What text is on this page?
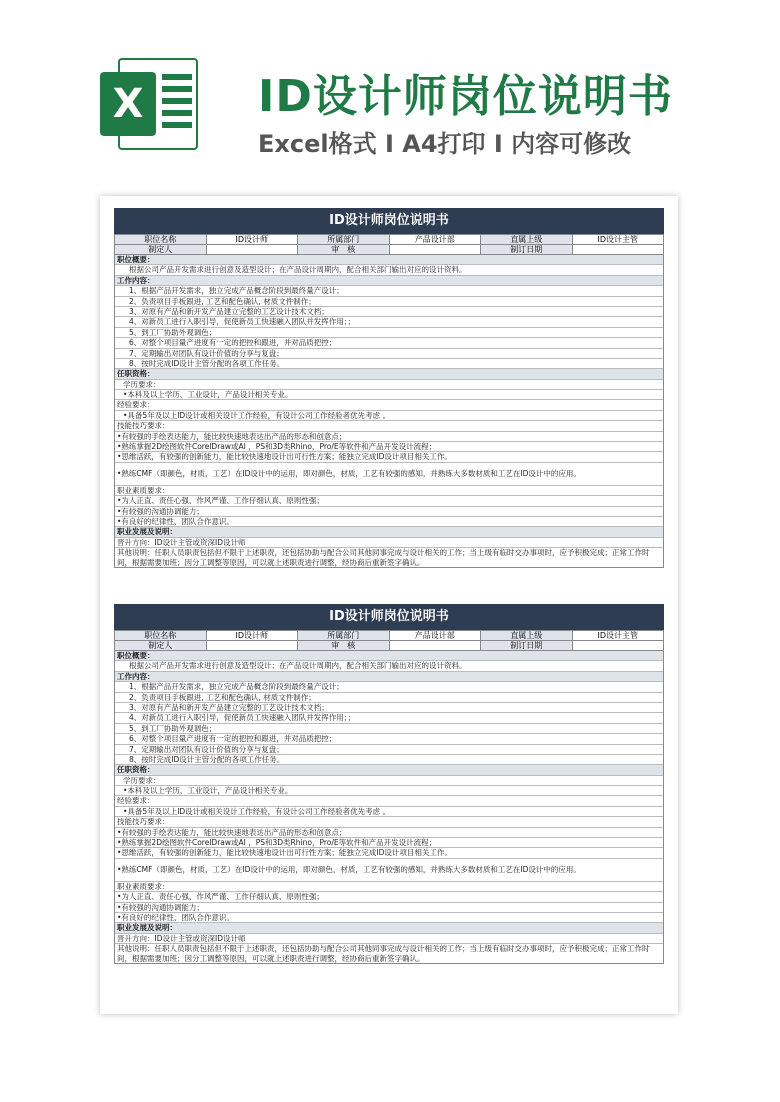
X	ID设计师岗位说明书
Excel格式 I A4打印 I 内容可修改
ID设计师岗位说明书
职位名称	ID设计师	所属部门	产品设计部	直属上级	ID设计主管
制定人		审　核		制订日期	
职位概要：
根据公司产品开发需求进行创意及造型设计；在产品设计周期内，配合相关部门输出对应的设计资料。
工作内容：
1、根据产品开发需求，独立完成产品概念阶段到最终量产设计；
2、负责项目手板跟进, 工艺和配色确认, 材质文件制作；
3、对原有产品和新开发产品建立完整的工艺设计技术文档；
4、对新员工进行入职引导，促使新员工快速融入团队并发挥作用；；
5、到工厂协助外观调色；
6、对整个项目量产进度有一定的把控和跟进，并对品质把控；
7、定期输出对团队有设计价值的分享与复盘；
8、按时完成ID设计主管分配的各项工作任务。
任职资格：
学历要求：
•本科及以上学历，工业设计，产品设计相关专业。
经验要求：
•具备5年及以上ID设计或相关设计工作经验，有设计公司工作经验者优先考虑 。
技能技巧要求：
•有较强的手绘表达能力，能比较快速地表达出产品的形态和创意点；
•熟练掌握2D绘图软件CorelDraw或AI ，PS和3D类Rhino，Pro/E等软件和产品开发设计流程；
•思维活跃，有较强的创新能力，能比较快速地设计出可行性方案；能独立完成ID设计项目相关工作。
•熟练CMF（即颜色，材质，工艺）在ID设计中的运用，即对颜色，材质，工艺有较强的感知，并熟练大多数材质和工艺在ID设计中的应用。
职业素质要求：
•为人正直、责任心强、作风严谨、工作仔细认真、原则性强；
•有较强的沟通协调能力；
•有良好的纪律性、团队合作意识。
职业发展及说明：
晋升方向：ID设计主管或资深ID设计师
其他说明：任职人员职责包括但不限于上述职责，还包括协助与配合公司其他同事完成与设计相关的工作；当上级有临时交办事项时，应予积极完成；正常工作时间，根据需要加班；因分工调整等原因，可以就上述职责进行调整，经协商后重新签字确认。
ID设计师岗位说明书
职位名称	ID设计师	所属部门	产品设计部	直属上级	ID设计主管
制定人		审　核		制订日期	
职位概要：
根据公司产品开发需求进行创意及造型设计；在产品设计周期内，配合相关部门输出对应的设计资料。
工作内容：
1、根据产品开发需求，独立完成产品概念阶段到最终量产设计；
2、负责项目手板跟进, 工艺和配色确认, 材质文件制作；
3、对原有产品和新开发产品建立完整的工艺设计技术文档；
4、对新员工进行入职引导，促使新员工快速融入团队并发挥作用；；
5、到工厂协助外观调色；
6、对整个项目量产进度有一定的把控和跟进，并对品质把控；
7、定期输出对团队有设计价值的分享与复盘；
8、按时完成ID设计主管分配的各项工作任务。
任职资格：
学历要求：
•本科及以上学历，工业设计，产品设计相关专业。
经验要求：
•具备5年及以上ID设计或相关设计工作经验，有设计公司工作经验者优先考虑 。
技能技巧要求：
•有较强的手绘表达能力，能比较快速地表达出产品的形态和创意点；
•熟练掌握2D绘图软件CorelDraw或AI ，PS和3D类Rhino，Pro/E等软件和产品开发设计流程；
•思维活跃，有较强的创新能力，能比较快速地设计出可行性方案；能独立完成ID设计项目相关工作。
•熟练CMF（即颜色，材质，工艺）在ID设计中的运用，即对颜色，材质，工艺有较强的感知，并熟练大多数材质和工艺在ID设计中的应用。
职业素质要求：
•为人正直、责任心强、作风严谨、工作仔细认真、原则性强；
•有较强的沟通协调能力；
•有良好的纪律性、团队合作意识。
职业发展及说明：
晋升方向：ID设计主管或资深ID设计师
其他说明：任职人员职责包括但不限于上述职责，还包括协助与配合公司其他同事完成与设计相关的工作；当上级有临时交办事项时，应予积极完成；正常工作时间，根据需要加班；因分工调整等原因，可以就上述职责进行调整，经协商后重新签字确认。
